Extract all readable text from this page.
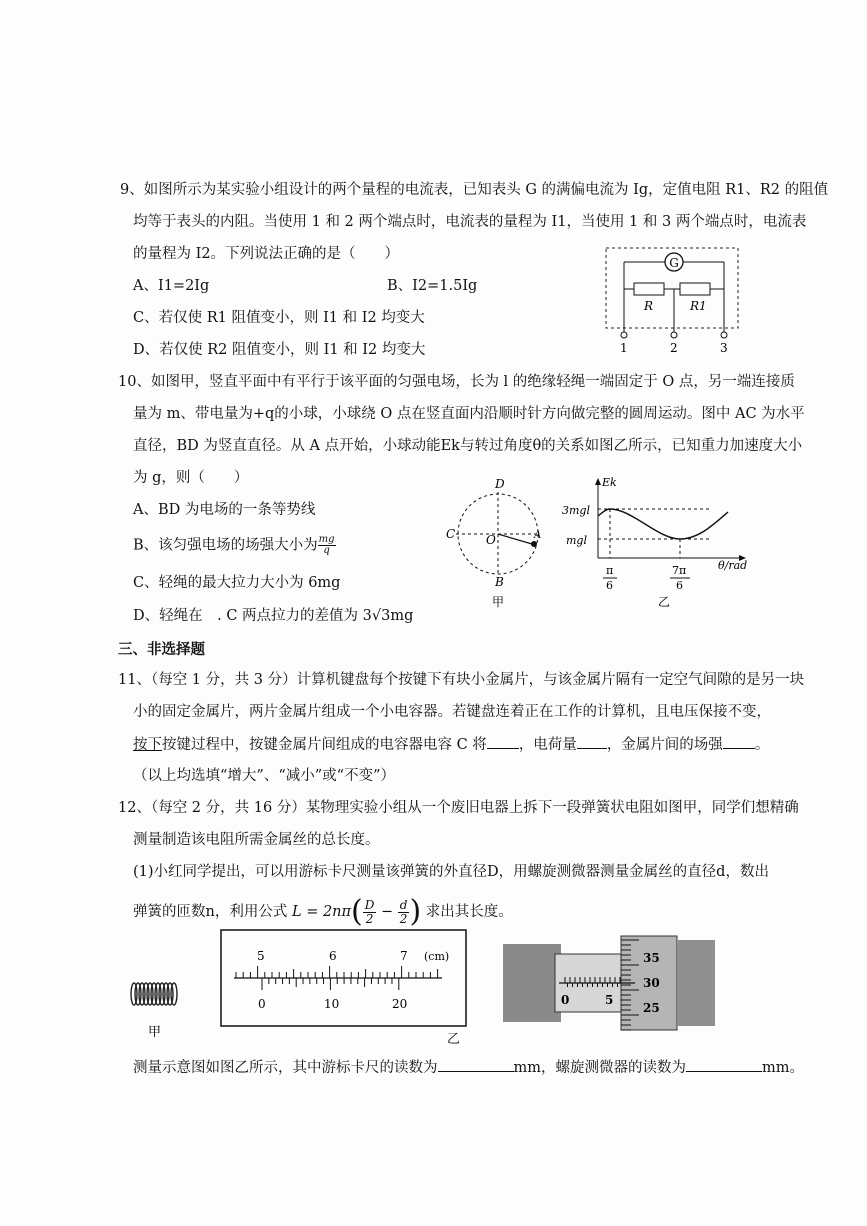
9、如图所示为某实验小组设计的两个量程的电流表，已知表头 G 的满偏电流为 Ig，定值电阻 R1、R2 的阻值
均等于表头的内阻。当使用 1 和 2 两个端点时，电流表的量程为 I1，当使用 1 和 3 两个端点时，电流表
的量程为 I2。下列说法正确的是（　　）
A、I1=2Ig	B、I2=1.5Ig
C、若仅使 R1 阻值变小，则 I1 和 I2 均变大
D、若仅使 R2 阻值变小，则 I1 和 I2 均变大
G
R	R1
1	2	3
10、如图甲，竖直平面中有平行于该平面的匀强电场，长为 l 的绝缘轻绳一端固定于 O 点，另一端连接质
量为 m、带电量为+q的小球，小球绕 O 点在竖直面内沿顺时针方向做完整的圆周运动。图中 AC 为水平
直径，BD 为竖直直径。从 A 点开始，小球动能Ek与转过角度θ的关系如图乙所示，已知重力加速度大小
为 g，则（　　）
A、BD 为电场的一条等势线
B、该匀强电场的场强大小为 $\frac{mg}{q}$
C、轻绳的最大拉力大小为 6mg
D、轻绳在　. C 两点拉力的差值为 3√3mg
D
C	O	A
B
甲
Ek
3mgl
mgl
π
6
7π
6
θ/rad
乙
三、非选择题
11、（每空 1 分，共 3 分）计算机键盘每个按键下有块小金属片，与该金属片隔有一定空气间隙的是另一块
小的固定金属片，两片金属片组成一个小电容器。若键盘连着正在工作的计算机，且电压保接不变，
按下按键过程中，按键金属片间组成的电容器电容 C 将 ，电荷量 ，金属片间的场强 。
（以上均选填“增大”、“减小”或“不变”）
12、（每空 2 分，共 16 分）某物理实验小组从一个废旧电器上拆下一段弹簧状电阻如图甲，同学们想精确
测量制造该电阻所需金属丝的总长度。
(1)小红同学提出，可以用游标卡尺测量该弹簧的外直径D，用螺旋测微器测量金属丝的直径d，数出
弹簧的匝数n，利用公式 $L = 2n\pi( \frac{D}{2} - \frac{d}{2}$ ) 求出其长度。
甲
5	6	7 (cm)
0	10	20
乙
0	5
35
30
25
测量示意图如图乙所示，其中游标卡尺的读数为	mm，螺旋测微器的读数为	mm。
